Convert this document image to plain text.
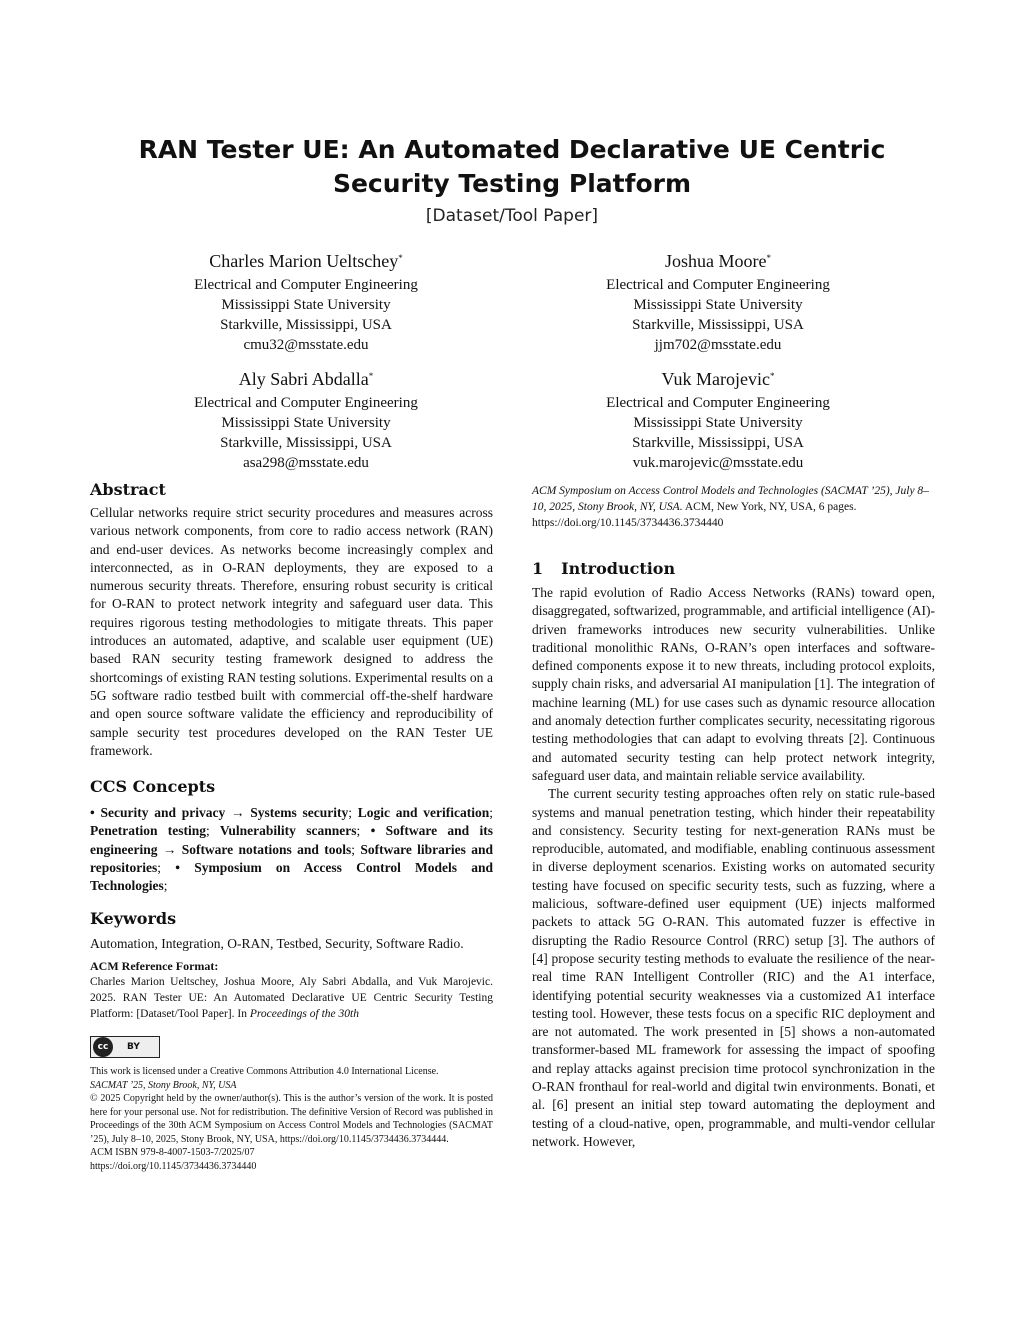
RAN Tester UE: An Automated Declarative UE Centric Security Testing Platform
[Dataset/Tool Paper]
Charles Marion Ueltschey*
Electrical and Computer Engineering
Mississippi State University
Starkville, Mississippi, USA
cmu32@msstate.edu
Joshua Moore*
Electrical and Computer Engineering
Mississippi State University
Starkville, Mississippi, USA
jjm702@msstate.edu
Aly Sabri Abdalla*
Electrical and Computer Engineering
Mississippi State University
Starkville, Mississippi, USA
asa298@msstate.edu
Vuk Marojevic*
Electrical and Computer Engineering
Mississippi State University
Starkville, Mississippi, USA
vuk.marojevic@msstate.edu
Abstract

Cellular networks require strict security procedures and measures across various network components, from core to radio access network (RAN) and end-user devices. As networks become increasingly complex and interconnected, as in O-RAN deployments, they are exposed to a numerous security threats. Therefore, ensuring robust security is critical for O-RAN to protect network integrity and safeguard user data. This requires rigorous testing methodologies to mitigate threats. This paper introduces an automated, adaptive, and scalable user equipment (UE) based RAN security testing framework designed to address the shortcomings of existing RAN testing solutions. Experimental results on a 5G software radio testbed built with commercial off-the-shelf hardware and open source software validate the efficiency and reproducibility of sample security test procedures developed on the RAN Tester UE framework.

CCS Concepts

• Security and privacy → Systems security; Logic and verification; Penetration testing; Vulnerability scanners; • Software and its engineering → Software notations and tools; Software libraries and repositories; • Symposium on Access Control Models and Technologies;

Keywords

Automation, Integration, O-RAN, Testbed, Security, Software Radio.

ACM Reference Format:

Charles Marion Ueltschey, Joshua Moore, Aly Sabri Abdalla, and Vuk Marojevic. 2025. RAN Tester UE: An Automated Declarative UE Centric Security Testing Platform: [Dataset/Tool Paper]. In Proceedings of the 30th

cc	BY

This work is licensed under a Creative Commons Attribution 4.0 International License.

SACMAT ’25, Stony Brook, NY, USA

© 2025 Copyright held by the owner/author(s). This is the author’s version of the work. It is posted here for your personal use. Not for redistribution. The definitive Version of Record was published in Proceedings of the 30th ACM Symposium on Access Control Models and Technologies (SACMAT ’25), July 8–10, 2025, Stony Brook, NY, USA, https://doi.org/10.1145/3734436.3734444.

ACM ISBN 979-8-4007-1503-7/2025/07

https://doi.org/10.1145/3734436.3734440

ACM Symposium on Access Control Models and Technologies (SACMAT ’25), July 8–10, 2025, Stony Brook, NY, USA. ACM, New York, NY, USA, 6 pages. https://doi.org/10.1145/3734436.3734440

1 Introduction

The rapid evolution of Radio Access Networks (RANs) toward open, disaggregated, softwarized, programmable, and artificial intelligence (AI)-driven frameworks introduces new security vulnerabilities. Unlike traditional monolithic RANs, O-RAN’s open interfaces and software-defined components expose it to new threats, including protocol exploits, supply chain risks, and adversarial AI manipulation [1]. The integration of machine learning (ML) for use cases such as dynamic resource allocation and anomaly detection further complicates security, necessitating rigorous testing methodologies that can adapt to evolving threats [2]. Continuous and automated security testing can help protect network integrity, safeguard user data, and maintain reliable service availability.

The current security testing approaches often rely on static rule-based systems and manual penetration testing, which hinder their repeatability and consistency. Security testing for next-generation RANs must be reproducible, automated, and modifiable, enabling continuous assessment in diverse deployment scenarios. Existing works on automated security testing have focused on specific security tests, such as fuzzing, where a malicious, software-defined user equipment (UE) injects malformed packets to attack 5G O-RAN. This automated fuzzer is effective in disrupting the Radio Resource Control (RRC) setup [3]. The authors of [4] propose security testing methods to evaluate the resilience of the near-real time RAN Intelligent Controller (RIC) and the A1 interface, identifying potential security weaknesses via a customized A1 interface testing tool. However, these tests focus on a specific RIC deployment and are not automated. The work presented in [5] shows a non-automated transformer-based ML framework for assessing the impact of spoofing and replay attacks against precision time protocol synchronization in the O-RAN fronthaul for real-world and digital twin environments. Bonati, et al. [6] present an initial step toward automating the deployment and testing of a cloud-native, open, programmable, and multi-vendor cellular network. However,
